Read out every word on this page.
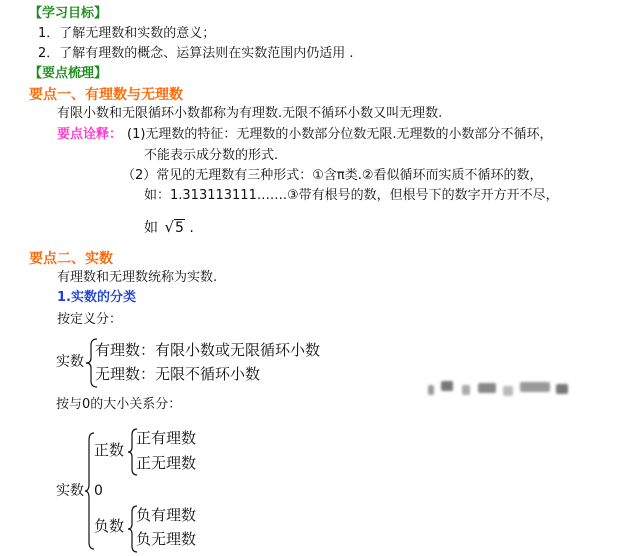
【学习目标】
1．了解无理数和实数的意义；
2．了解有理数的概念、运算法则在实数范围内仍适用 .
【要点梳理】
要点一、有理数与无理数
有限小数和无限循环小数都称为有理数.无限不循环小数又叫无理数.
要点诠释： (1)无理数的特征：无理数的小数部分位数无限.无理数的小数部分不循环，
不能表示成分数的形式.
（2）常见的无理数有三种形式：①含π类.②看似循环而实质不循环的数，
如：1.313113111…….③带有根号的数，但根号下的数字开方开不尽，
如 √5 .
要点二、实数
有理数和无理数统称为实数.
1.实数的分类
按定义分：
实数
有理数：有限小数或无限循环小数
无理数：无限不循环小数
按与0的大小关系分：
实数
正数
正有理数
正无理数
0
负数
负有理数
负无理数
